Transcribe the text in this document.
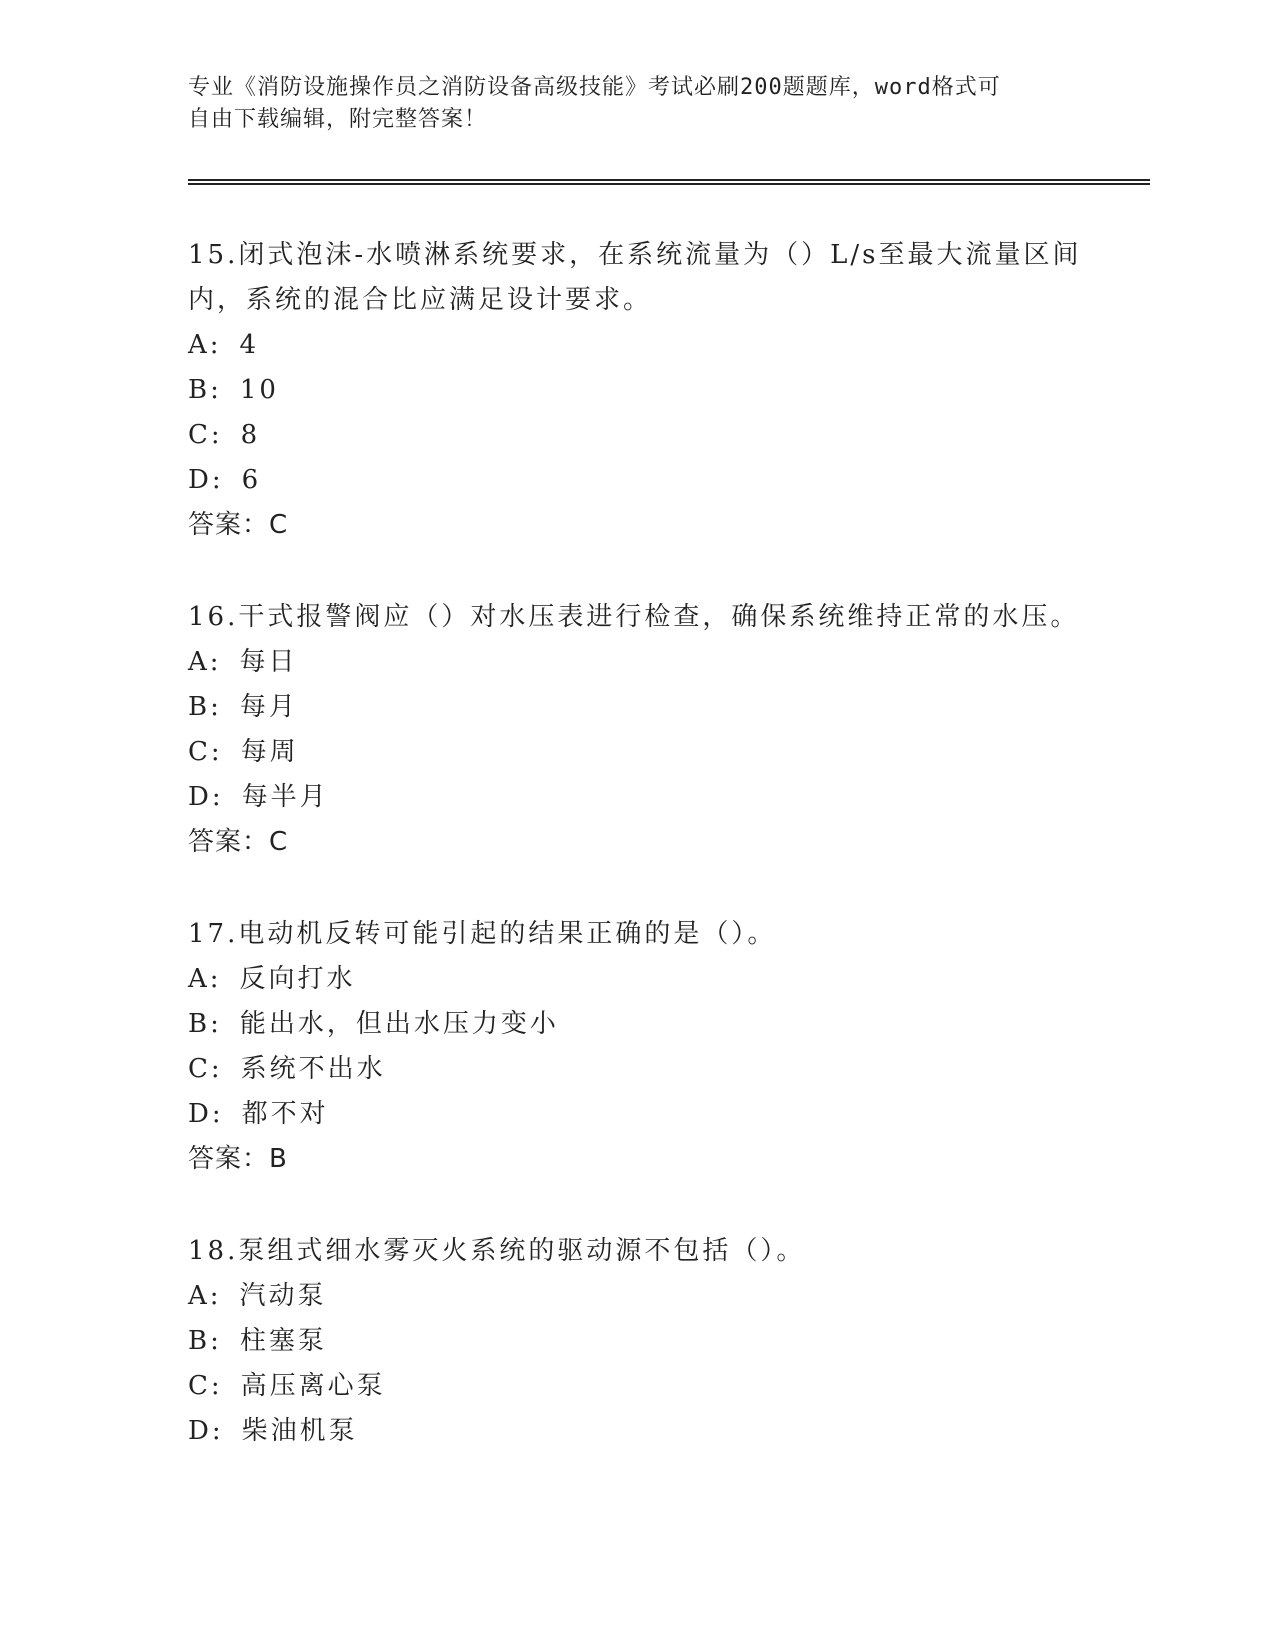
专业《消防设施操作员之消防设备高级技能》考试必刷200题题库，word格式可
自由下载编辑，附完整答案！
15.闭式泡沫-水喷淋系统要求，在系统流量为（）L/s至最大流量区间
内，系统的混合比应满足设计要求。
A: 4
B: 10
C: 8
D: 6
答案：C
16.干式报警阀应（）对水压表进行检查，确保系统维持正常的水压。
A: 每日
B: 每月
C: 每周
D: 每半月
答案：C
17.电动机反转可能引起的结果正确的是（）。
A: 反向打水
B: 能出水，但出水压力变小
C: 系统不出水
D: 都不对
答案：B
18.泵组式细水雾灭火系统的驱动源不包括（）。
A: 汽动泵
B: 柱塞泵
C: 高压离心泵
D: 柴油机泵
